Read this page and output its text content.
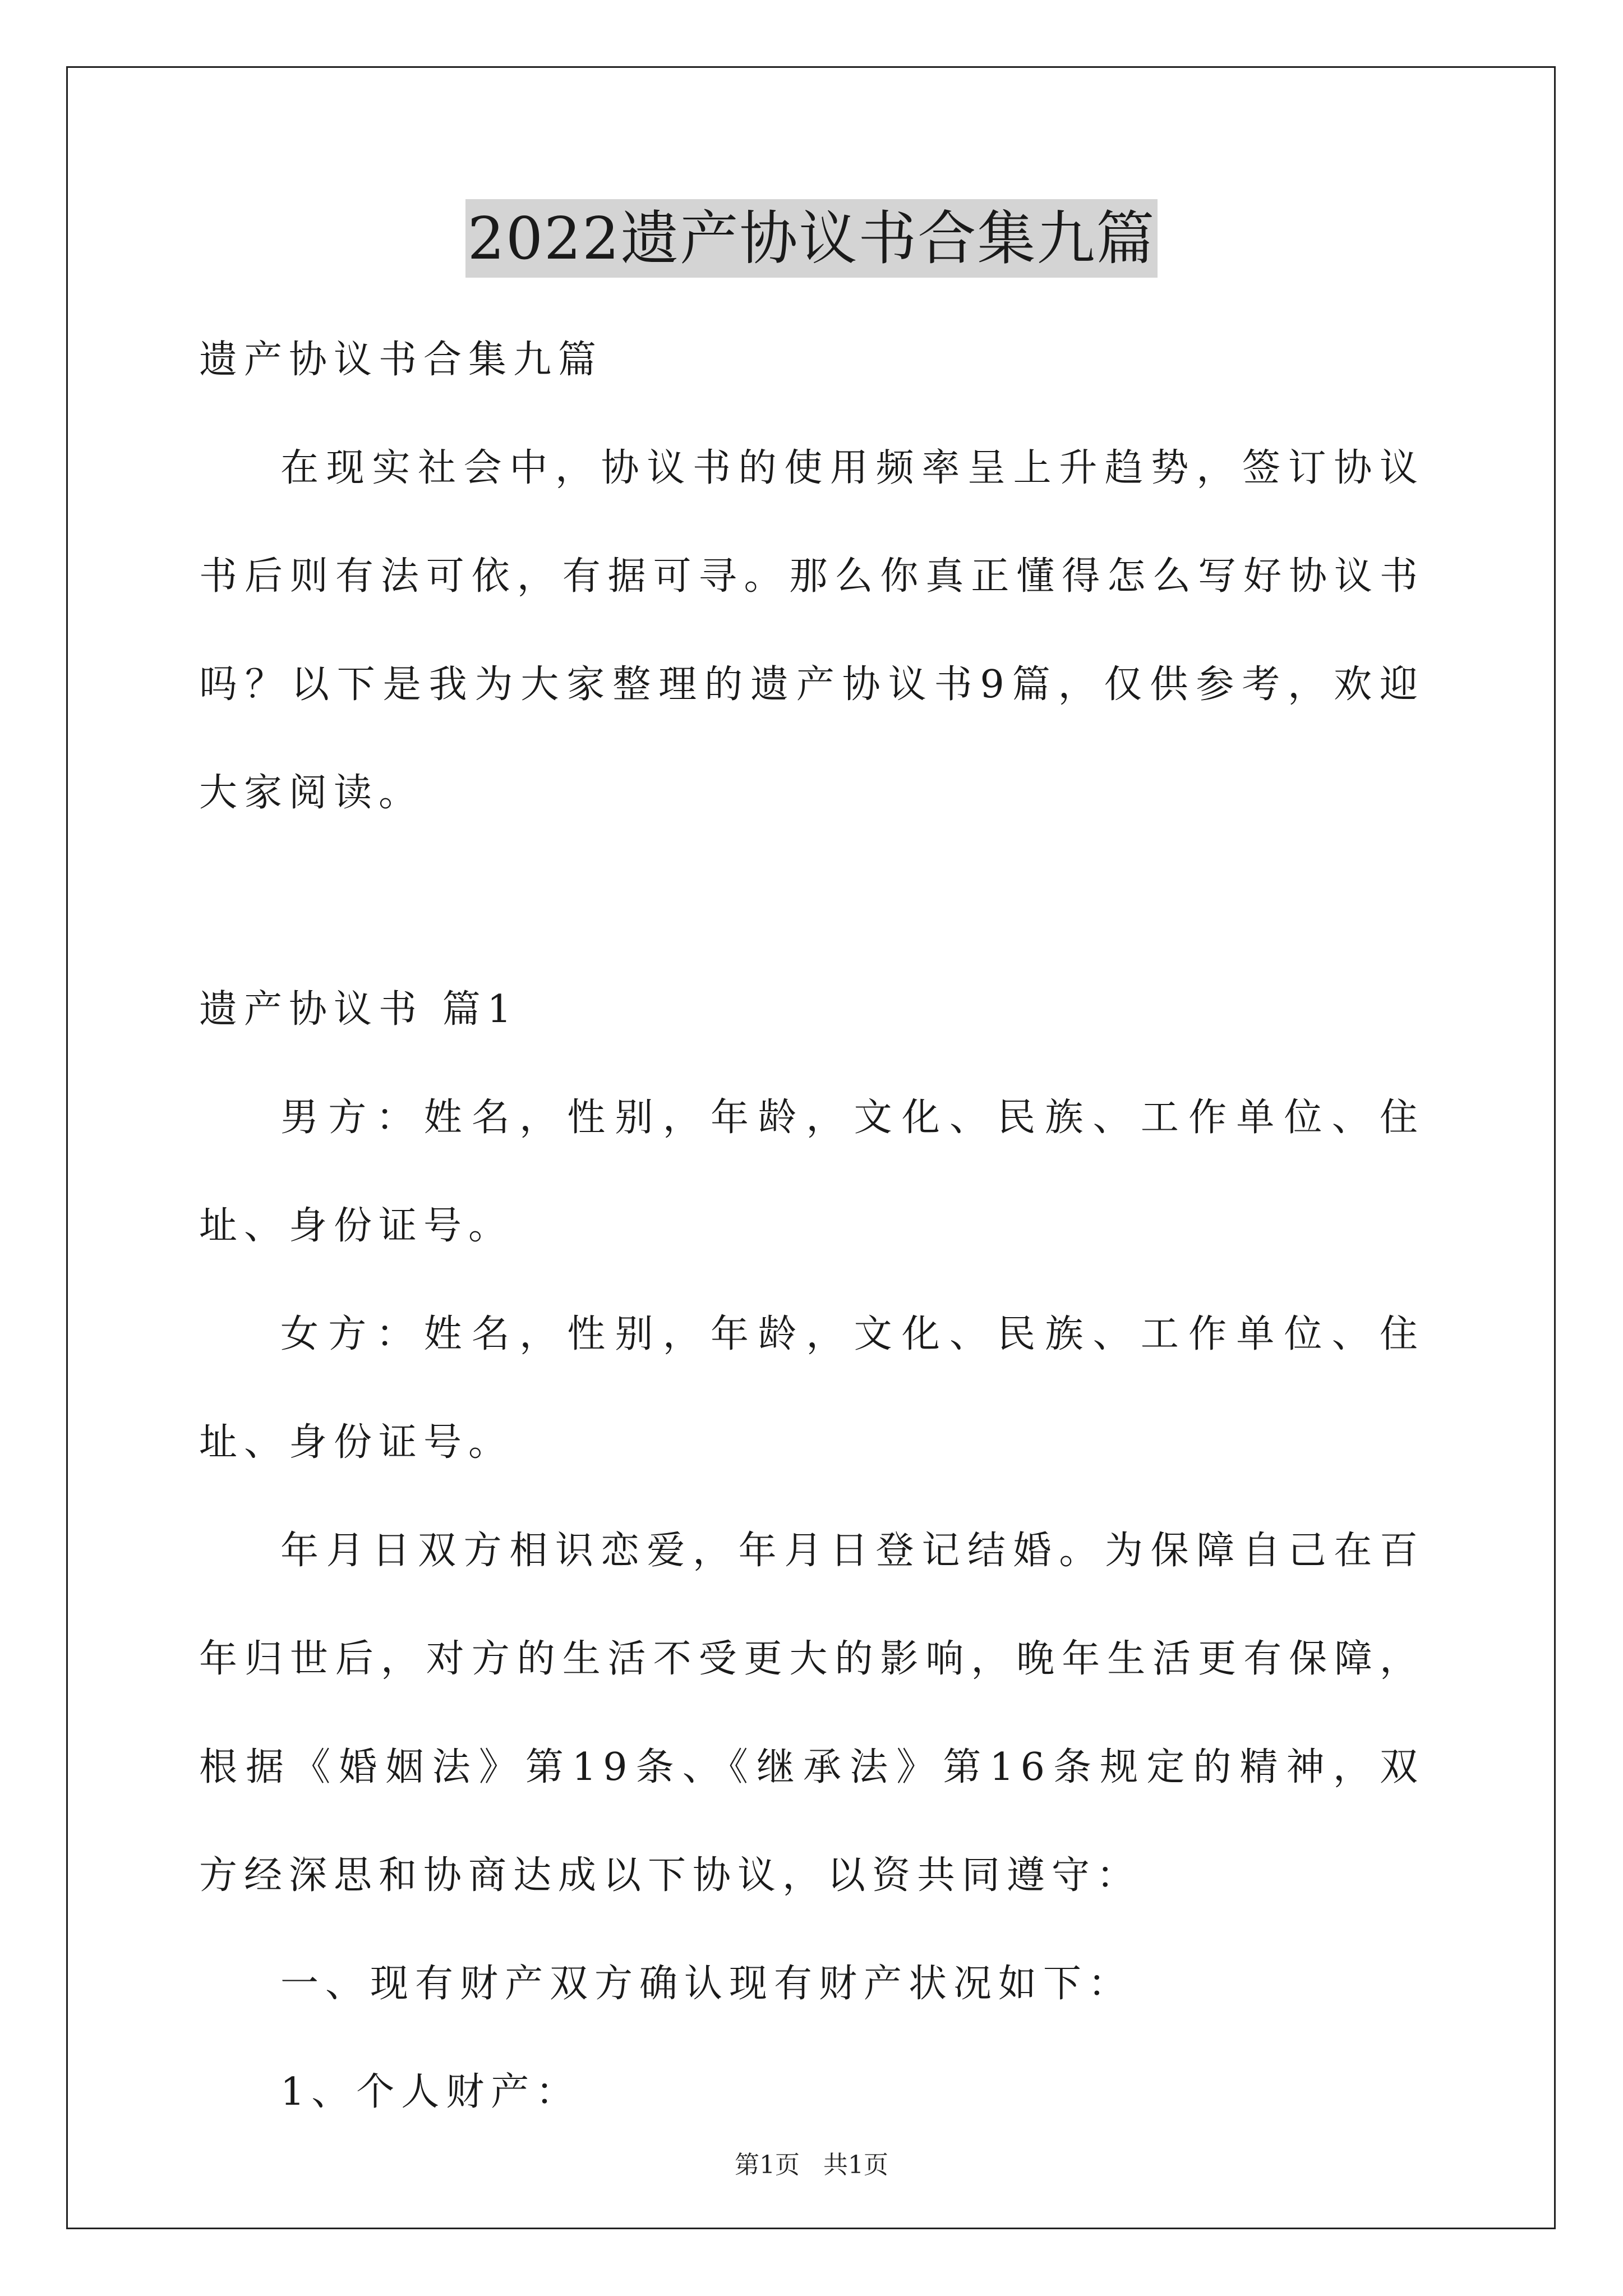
2022遗产协议书合集九篇

遗产协议书合集九篇

在现实社会中，协议书的使用频率呈上升趋势，签订协议书后则有法可依，有据可寻。那么你真正懂得怎么写好协议书吗？以下是我为大家整理的遗产协议书9篇，仅供参考，欢迎大家阅读。

遗产协议书 篇1

男方：姓名，性别，年龄，文化、民族、工作单位、住址、身份证号。

女方：姓名，性别，年龄，文化、民族、工作单位、住址、身份证号。

年月日双方相识恋爱，年月日登记结婚。为保障自己在百年归世后，对方的生活不受更大的影响，晚年生活更有保障，根据《婚姻法》第19条、《继承法》第16条规定的精神，双方经深思和协商达成以下协议，以资共同遵守：

一、现有财产双方确认现有财产状况如下：

1、个人财产：

第1页   共1页
